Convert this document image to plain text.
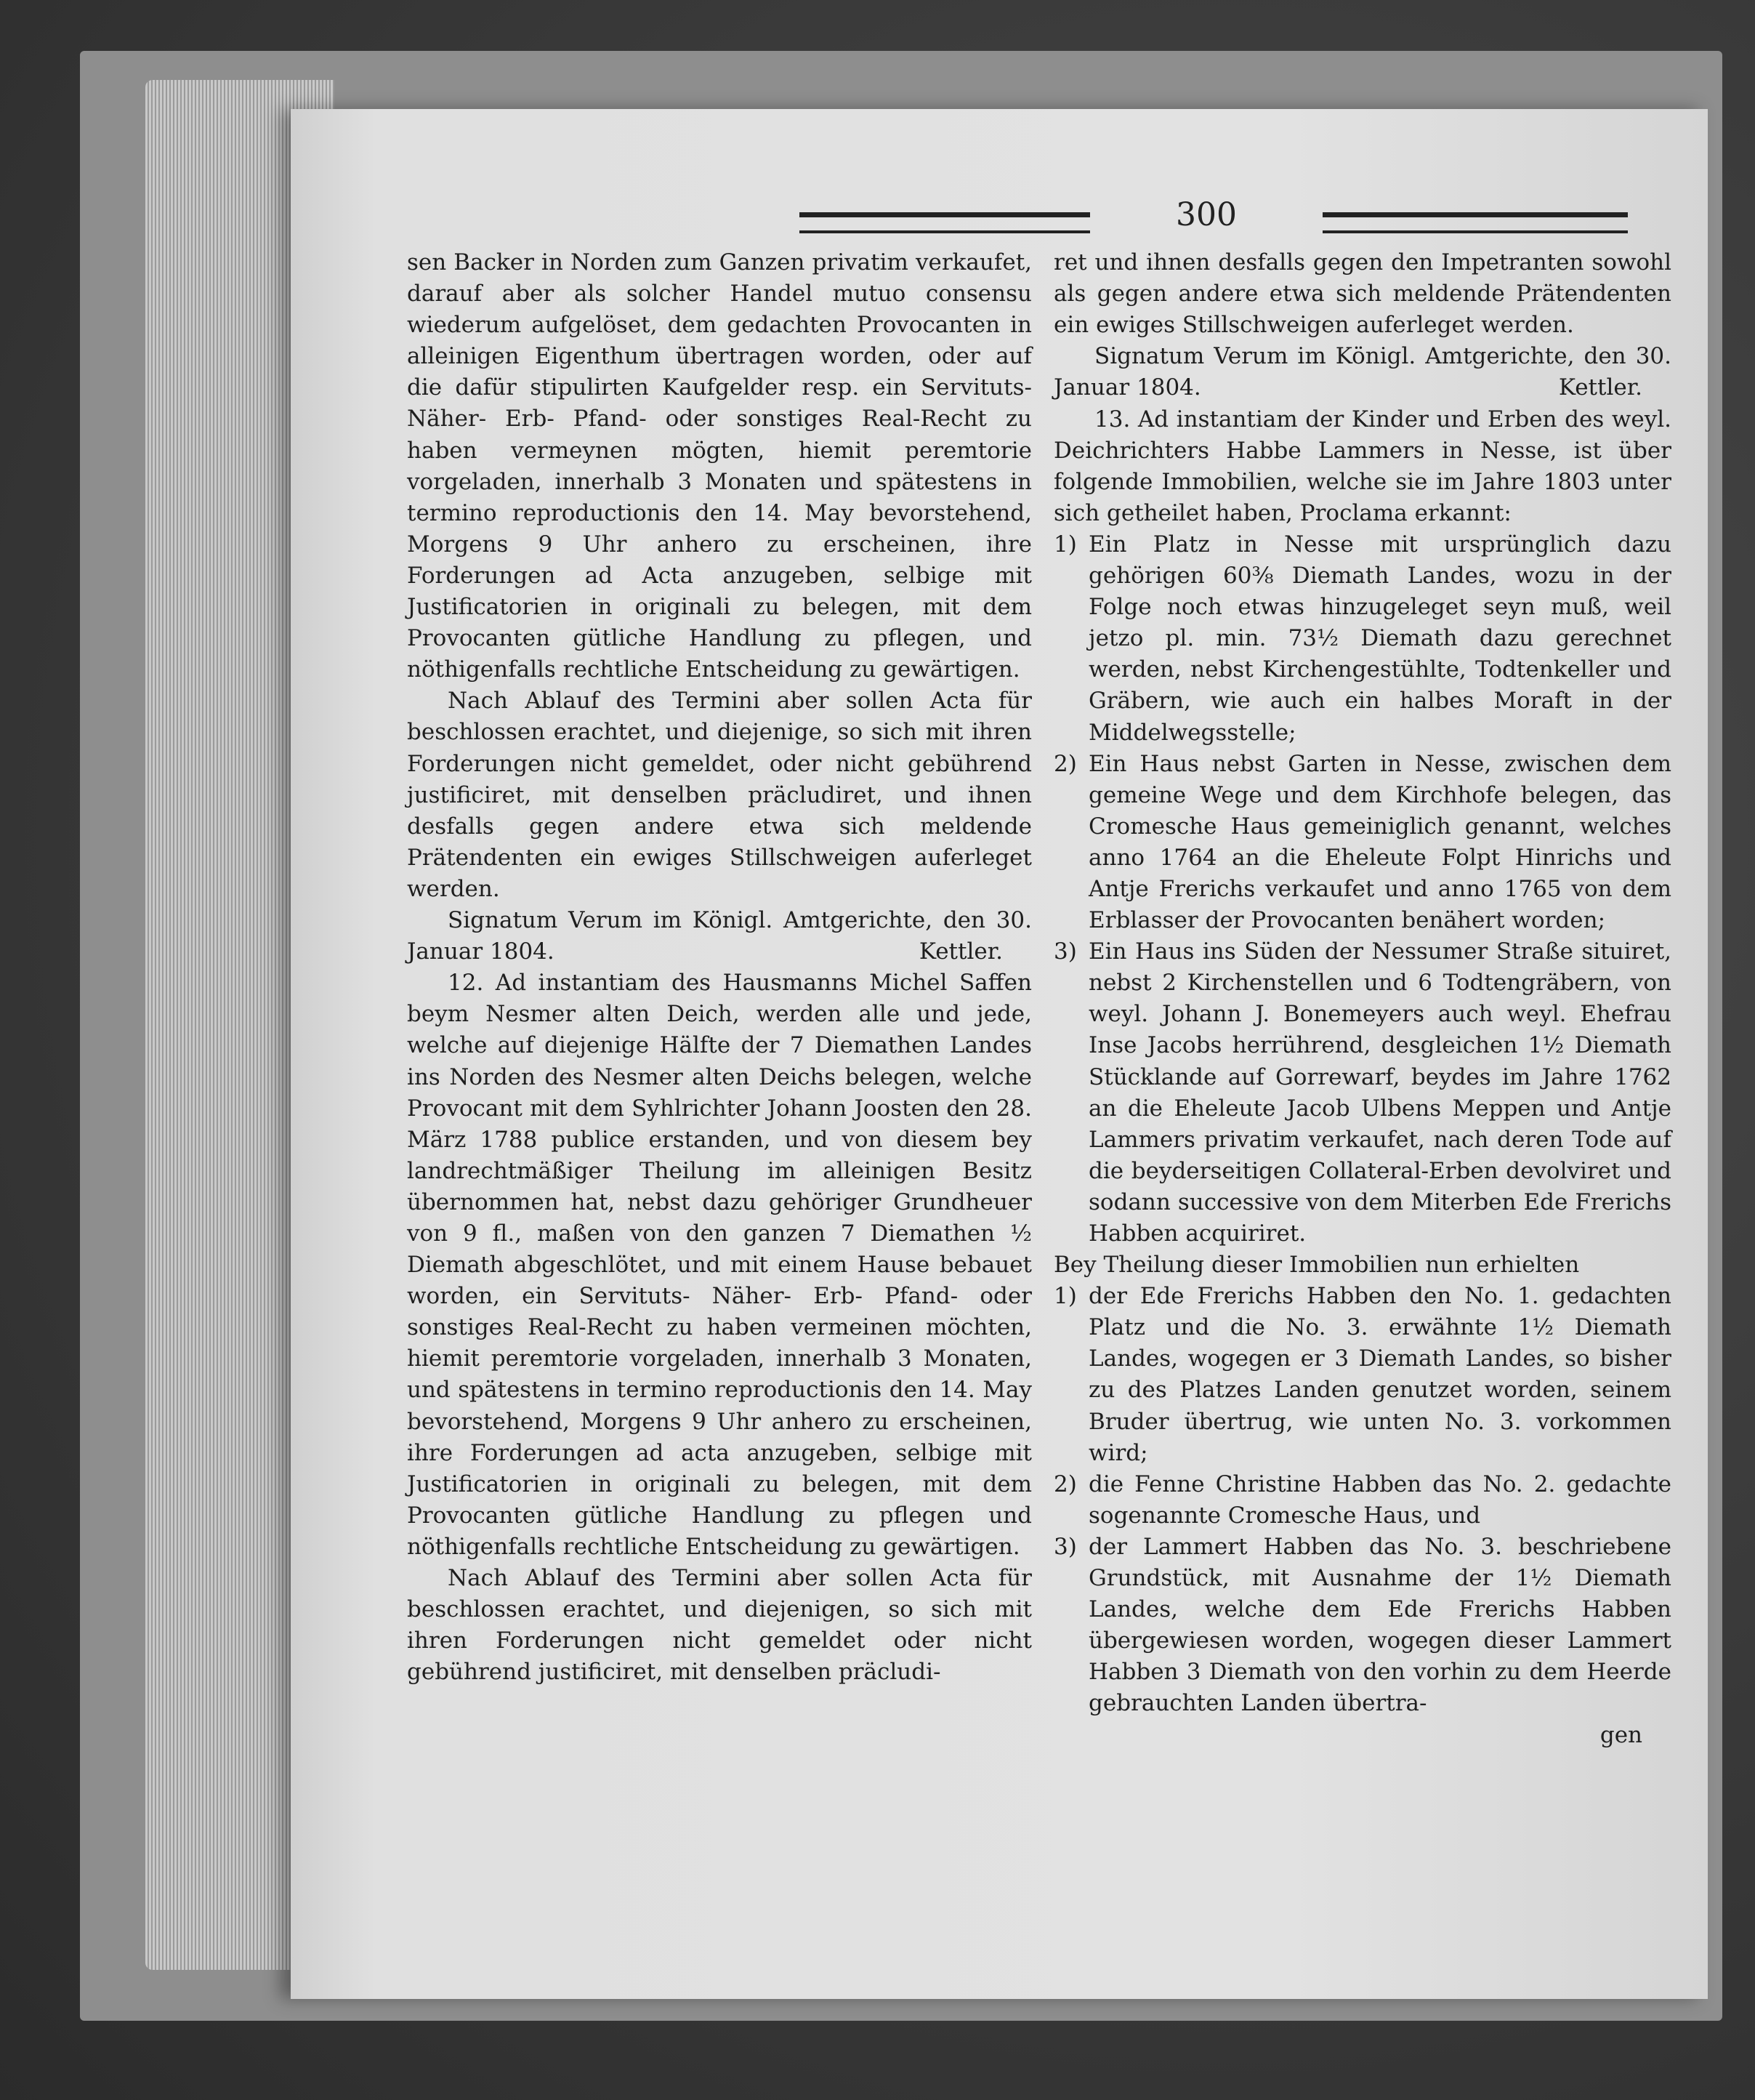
300

sen Backer in Norden zum Ganzen privatim verkaufet, darauf aber als solcher Handel mutuo consensu wiederum aufgelöset, dem gedachten Provocanten in alleinigen Eigenthum übertragen worden, oder auf die dafür stipulirten Kaufgelder resp. ein Servituts- Näher- Erb- Pfand- oder sonstiges Real-Recht zu haben vermeynen mögten, hiemit peremtorie vorgeladen, innerhalb 3 Monaten und spätestens in termino reproductionis den 14. May bevorstehend, Morgens 9 Uhr anhero zu erscheinen, ihre Forderungen ad Acta anzugeben, selbige mit Justificatorien in originali zu belegen, mit dem Provocanten gütliche Handlung zu pflegen, und nöthigenfalls rechtliche Entscheidung zu gewärtigen.

Nach Ablauf des Termini aber sollen Acta für beschlossen erachtet, und diejenige, so sich mit ihren Forderungen nicht gemeldet, oder nicht gebührend justificiret, mit denselben präcludiret, und ihnen desfalls gegen andere etwa sich meldende Prätendenten ein ewiges Stillschweigen auferleget werden.

Signatum Verum im Königl. Amtgerichte, den 30. Januar 1804.	Kettler.

12. Ad instantiam des Hausmanns Michel Saffen beym Nesmer alten Deich, werden alle und jede, welche auf diejenige Hälfte der 7 Diemathen Landes ins Norden des Nesmer alten Deichs belegen, welche Provocant mit dem Syhlrichter Johann Joosten den 28. März 1788 publice erstanden, und von diesem bey landrechtmäßiger Theilung im alleinigen Besitz übernommen hat, nebst dazu gehöriger Grundheuer von 9 fl., maßen von den ganzen 7 Diemathen ½ Diemath abgeschlötet, und mit einem Hause bebauet worden, ein Servituts- Näher- Erb- Pfand- oder sonstiges Real-Recht zu haben vermeinen möchten, hiemit peremtorie vorgeladen, innerhalb 3 Monaten, und spätestens in termino reproductionis den 14. May bevorstehend, Morgens 9 Uhr anhero zu erscheinen, ihre Forderungen ad acta anzugeben, selbige mit Justificatorien in originali zu belegen, mit dem Provocanten gütliche Handlung zu pflegen und nöthigenfalls rechtliche Entscheidung zu gewärtigen.

Nach Ablauf des Termini aber sollen Acta für beschlossen erachtet, und diejenigen, so sich mit ihren Forderungen nicht gemeldet oder nicht gebührend justificiret, mit denselben präcludi-

ret und ihnen desfalls gegen den Impetranten sowohl als gegen andere etwa sich meldende Prätendenten ein ewiges Stillschweigen auferleget werden.

Signatum Verum im Königl. Amtgerichte, den 30. Januar 1804.	Kettler.

13. Ad instantiam der Kinder und Erben des weyl. Deichrichters Habbe Lammers in Nesse, ist über folgende Immobilien, welche sie im Jahre 1803 unter sich getheilet haben, Proclama erkannt:

1) Ein Platz in Nesse mit ursprünglich dazu gehörigen 60⅜ Diemath Landes, wozu in der Folge noch etwas hinzugeleget seyn muß, weil jetzo pl. min. 73½ Diemath dazu gerechnet werden, nebst Kirchengestühlte, Todtenkeller und Gräbern, wie auch ein halbes Moraft in der Middelwegsstelle;
2) Ein Haus nebst Garten in Nesse, zwischen dem gemeine Wege und dem Kirchhofe belegen, das Cromesche Haus gemeiniglich genannt, welches anno 1764 an die Eheleute Folpt Hinrichs und Antje Frerichs verkaufet und anno 1765 von dem Erblasser der Provocanten benähert worden;
3) Ein Haus ins Süden der Nessumer Straße situiret, nebst 2 Kirchenstellen und 6 Todtengräbern, von weyl. Johann J. Bonemeyers auch weyl. Ehefrau Inse Jacobs herrührend, desgleichen 1½ Diemath Stücklande auf Gorrewarf, beydes im Jahre 1762 an die Eheleute Jacob Ulbens Meppen und Antje Lammers privatim verkaufet, nach deren Tode auf die beyderseitigen Collateral-Erben devolviret und sodann successive von dem Miterben Ede Frerichs Habben acquiriret.

Bey Theilung dieser Immobilien nun erhielten

1) der Ede Frerichs Habben den No. 1. gedachten Platz und die No. 3. erwähnte 1½ Diemath Landes, wogegen er 3 Diemath Landes, so bisher zu des Platzes Landen genutzet worden, seinem Bruder übertrug, wie unten No. 3. vorkommen wird;
2) die Fenne Christine Habben das No. 2. gedachte sogenannte Cromesche Haus, und
3) der Lammert Habben das No. 3. beschriebene Grundstück, mit Ausnahme der 1½ Diemath Landes, welche dem Ede Frerichs Habben übergewiesen worden, wogegen dieser Lammert Habben 3 Diemath von den vorhin zu dem Heerde gebrauchten Landen übertra-

gen
